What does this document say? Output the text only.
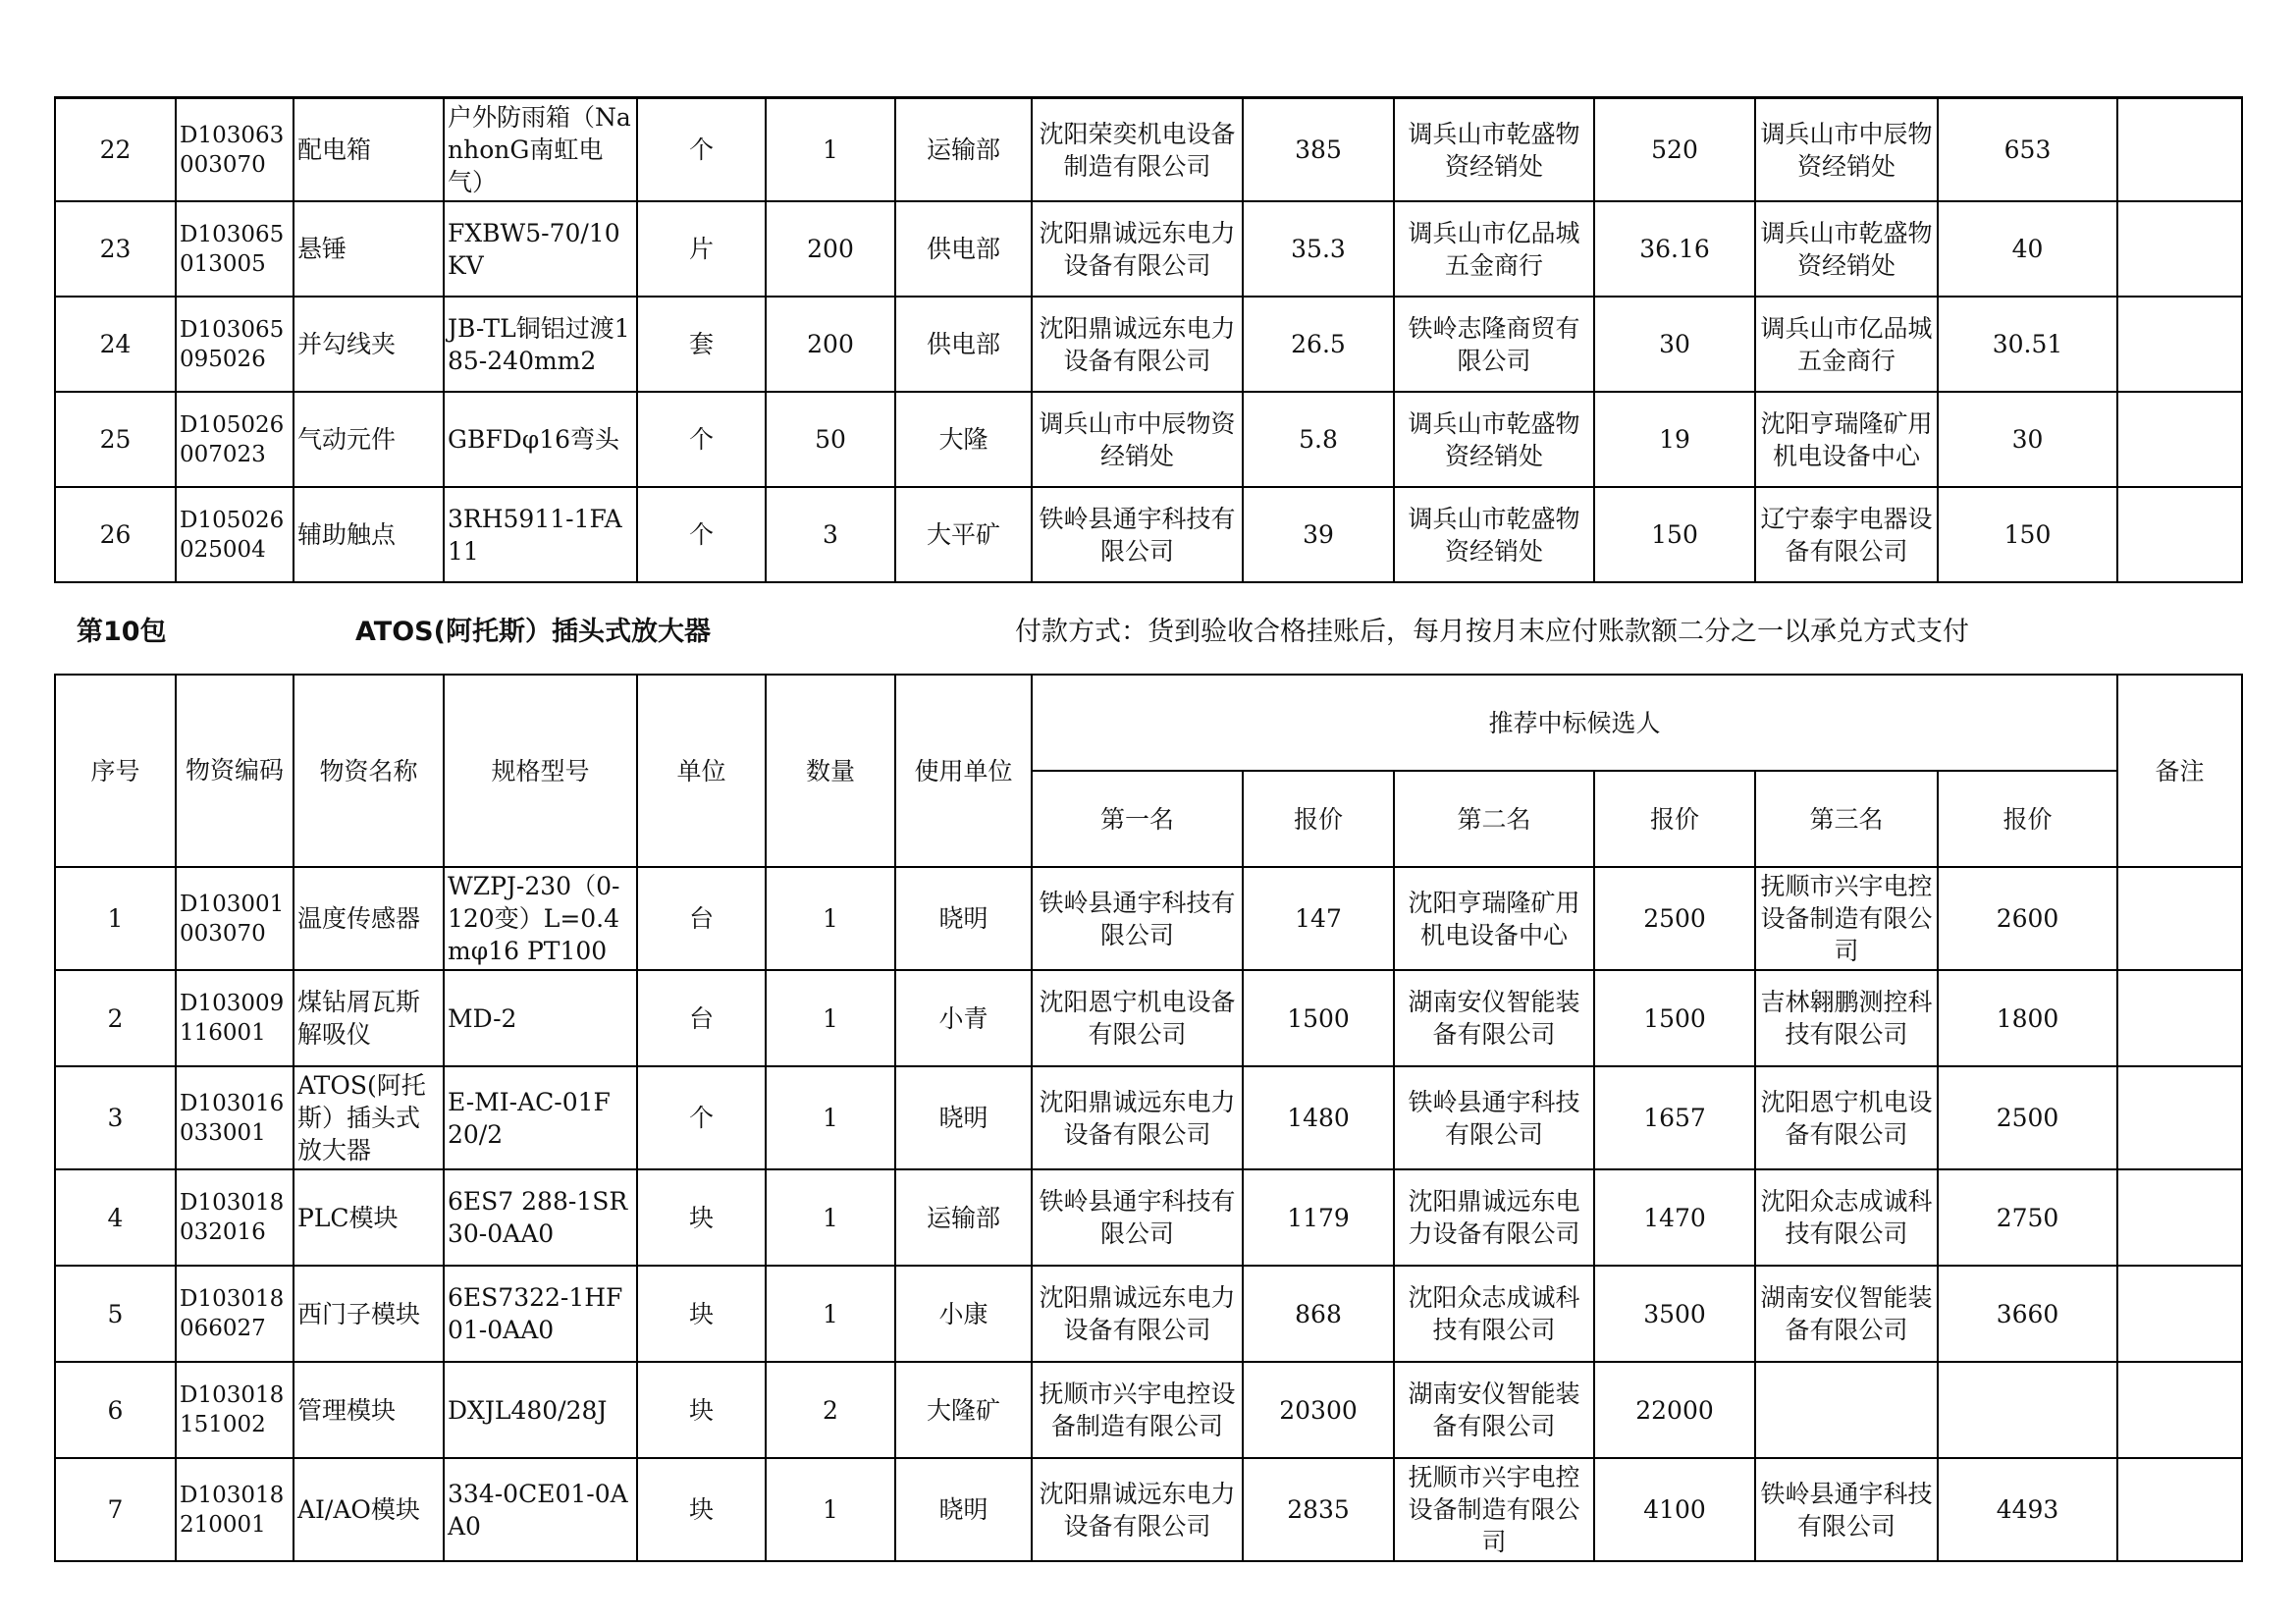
22	D103063003070	配电箱	户外防雨箱（NanhonG南虹电气）	个	1	运输部	沈阳荣奕机电设备制造有限公司	385	调兵山市乾盛物资经销处	520	调兵山市中辰物资经销处	653	
23	D103065013005	悬锤	FXBW5-70/10KV	片	200	供电部	沈阳鼎诚远东电力设备有限公司	35.3	调兵山市亿品城五金商行	36.16	调兵山市乾盛物资经销处	40	
24	D103065095026	并勾线夹	JB-TL铜铝过渡185-240mm2	套	200	供电部	沈阳鼎诚远东电力设备有限公司	26.5	铁岭志隆商贸有限公司	30	调兵山市亿品城五金商行	30.51	
25	D105026007023	气动元件	GBFDφ16弯头	个	50	大隆	调兵山市中辰物资经销处	5.8	调兵山市乾盛物资经销处	19	沈阳亨瑞隆矿用机电设备中心	30	
26	D105026025004	辅助触点	3RH5911-1FA11	个	3	大平矿	铁岭县通宇科技有限公司	39	调兵山市乾盛物资经销处	150	辽宁泰宇电器设备有限公司	150	
第10包	ATOS(阿托斯）插头式放大器	付款方式：货到验收合格挂账后，每月按月末应付账款额二分之一以承兑方式支付
序号	物资编码	物资名称	规格型号	单位	数量	使用单位	推荐中标候选人						备注
							第一名	报价	第二名	报价	第三名	报价	
1	D103001003070	温度传感器	WZPJ-230（0-120变）L=0.4mφ16 PT100	台	1	晓明	铁岭县通宇科技有限公司	147	沈阳亨瑞隆矿用机电设备中心	2500	抚顺市兴宇电控设备制造有限公司	2600	
2	D103009116001	煤钻屑瓦斯解吸仪	MD-2	台	1	小青	沈阳恩宁机电设备有限公司	1500	湖南安仪智能装备有限公司	1500	吉林翱鹏测控科技有限公司	1800	
3	D103016033001	ATOS(阿托斯）插头式放大器	E-MI-AC-01F 20/2	个	1	晓明	沈阳鼎诚远东电力设备有限公司	1480	铁岭县通宇科技有限公司	1657	沈阳恩宁机电设备有限公司	2500	
4	D103018032016	PLC模块	6ES7 288-1SR30-0AA0	块	1	运输部	铁岭县通宇科技有限公司	1179	沈阳鼎诚远东电力设备有限公司	1470	沈阳众志成诚科技有限公司	2750	
5	D103018066027	西门子模块	6ES7322-1HF01-0AA0	块	1	小康	沈阳鼎诚远东电力设备有限公司	868	沈阳众志成诚科技有限公司	3500	湖南安仪智能装备有限公司	3660	
6	D103018151002	管理模块	DXJL480/28J	块	2	大隆矿	抚顺市兴宇电控设备制造有限公司	20300	湖南安仪智能装备有限公司	22000			
7	D103018210001	AI/AO模块	334-0CE01-0AA0	块	1	晓明	沈阳鼎诚远东电力设备有限公司	2835	抚顺市兴宇电控设备制造有限公司	4100	铁岭县通宇科技有限公司	4493	
